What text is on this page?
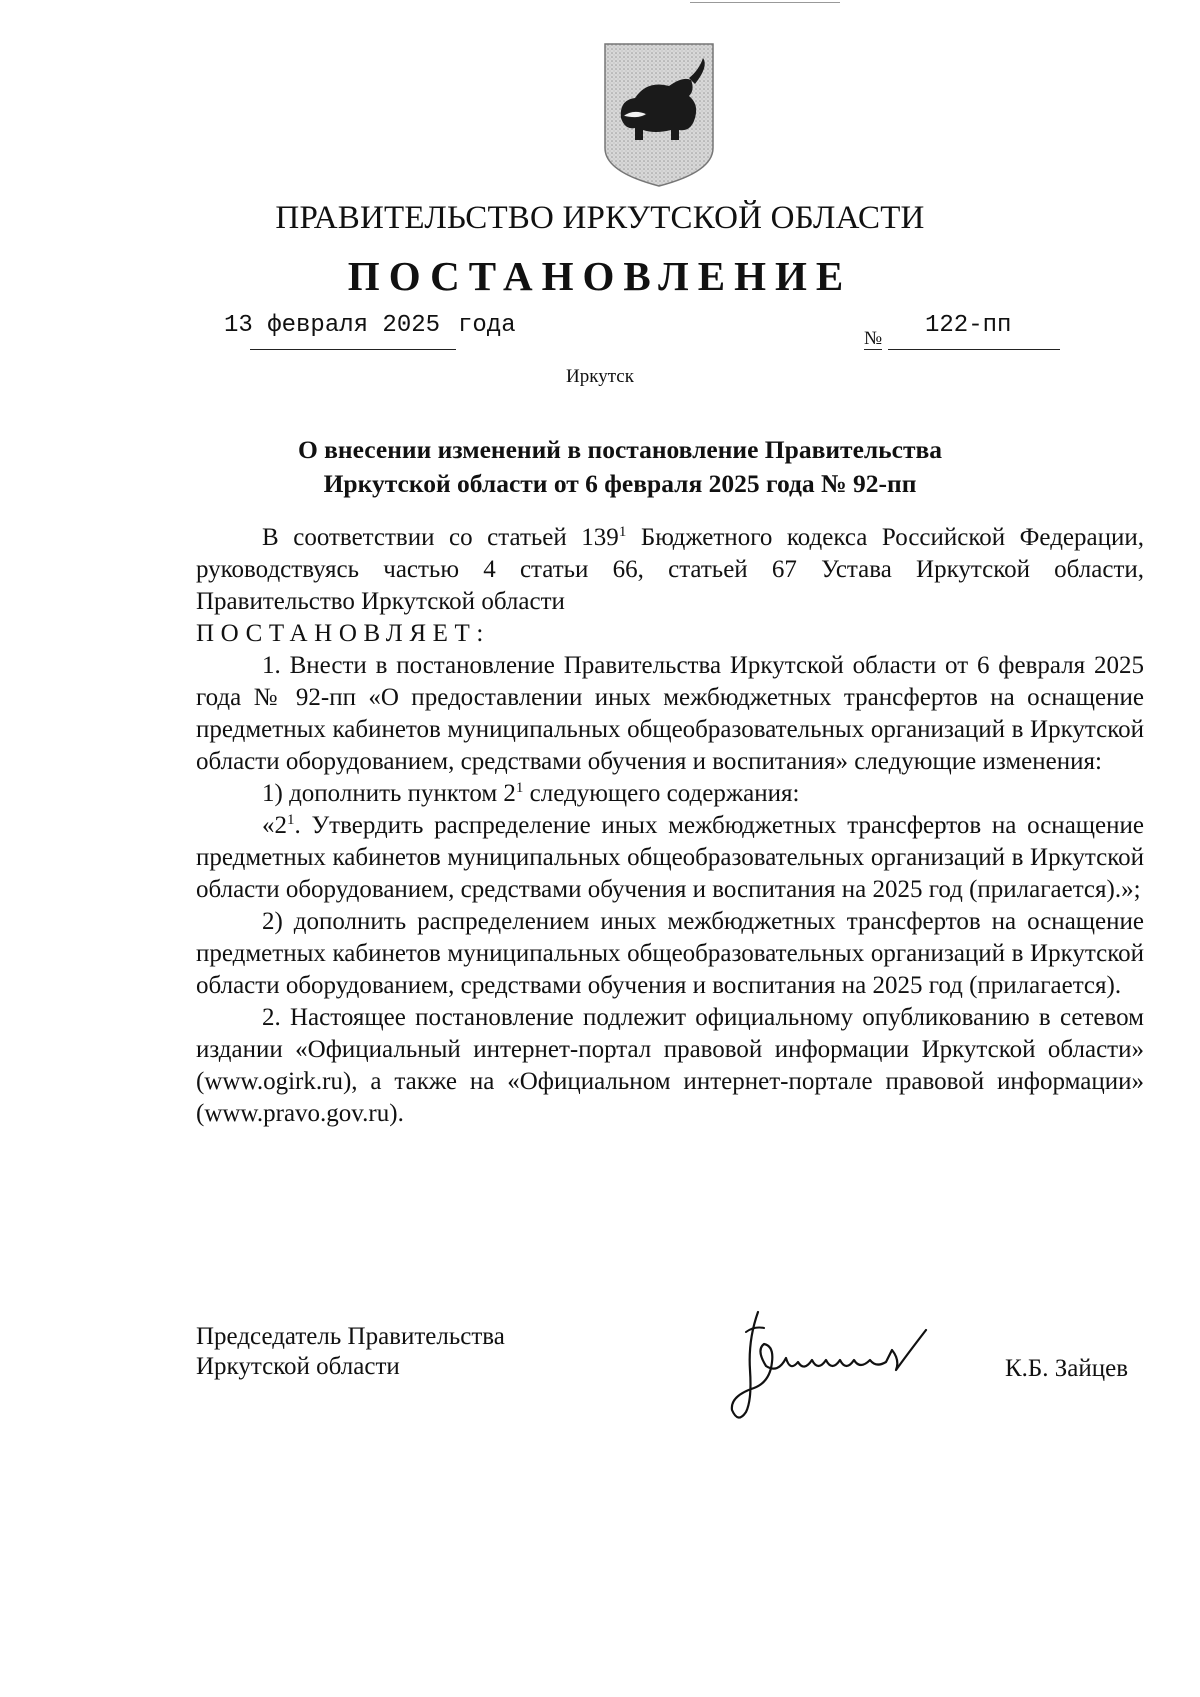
ПРАВИТЕЛЬСТВО ИРКУТСКОЙ ОБЛАСТИ
ПОСТАНОВЛЕНИЕ
13 февраля 2025 года	№ 122-пп
Иркутск
О внесении изменений в постановление Правительства
Иркутской области от 6 февраля 2025 года № 92-пп

В соответствии со статьей $139^1$ Бюджетного кодекса Российской Федерации, руководствуясь частью 4 статьи 66, статьей 67 Устава Иркутской области, Правительство Иркутской области

ПОСТАНОВЛЯЕТ:

1. Внести в постановление Правительства Иркутской области от 6 февраля 2025 года № 92-пп «О предоставлении иных межбюджетных трансфертов на оснащение предметных кабинетов муниципальных общеобразовательных организаций в Иркутской области оборудованием, средствами обучения и воспитания» следующие изменения:

1) дополнить пунктом $2^1$ следующего содержания:

«$2^1$. Утвердить распределение иных межбюджетных трансфертов на оснащение предметных кабинетов муниципальных общеобразовательных организаций в Иркутской области оборудованием, средствами обучения и воспитания на 2025 год (прилагается).»;

2) дополнить распределением иных межбюджетных трансфертов на оснащение предметных кабинетов муниципальных общеобразовательных организаций в Иркутской области оборудованием, средствами обучения и воспитания на 2025 год (прилагается).

2. Настоящее постановление подлежит официальному опубликованию в сетевом издании «Официальный интернет-портал правовой информации Иркутской области» (www.ogirk.ru), а также на «Официальном интернет-портале правовой информации» (www.pravo.gov.ru).

Председатель Правительства
Иркутской области	К.Б. Зайцев
